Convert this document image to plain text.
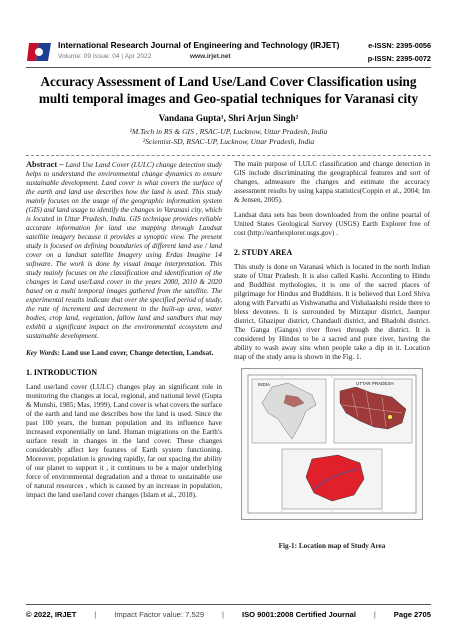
International Research Journal of Engineering and Technology (IRJET)
Volume: 09 Issue: 04 | Apr 2022	www.irjet.net
e-ISSN: 2395-0056
p-ISSN: 2395-0072
Accuracy Assessment of Land Use/Land Cover Classification using multi temporal images and Geo-spatial techniques for Varanasi city
Vandana Gupta¹, Shri Arjun Singh²
¹M.Tech in RS & GIS , RSAC-UP, Lucknow, Uttar Pradesh, India
²Scientist-SD, RSAC-UP, Lucknow, Uttar Pradesh, India

Abstract – Land Use Land Cover (LULC) change detection study helps to understand the environmental change dynamics to ensure sustainable development. Land cover is what covers the surface of the earth and land use describes how the land is used. This study mainly focuses on the usage of the geographic information system (GIS) and land usage to identify the changes in Varanasi city, which is located in Uttar Pradesh, India. GIS technique provides reliable accurate information for land use mapping through Landsat satellite imagery because it provides a synoptic view. The present study is focused on defining boundaries of different land use / land cover on a landsat satellite Imagery using Erdas Imagine 14 software. The work is done by visual image interpretation. This study mainly focuses on the classification and identification of the changes in Land use/Land cover in the years 2000, 2010 & 2020 based on a multi temporal images gathered from the satellite. The experimental results indicate that over the specified period of study, the rate of increment and decrement in the built-up area, water bodies, crop land, vegetation, fallow land and sandbars that may exhibit a significant impact on the environmental ecosystem and sustainable development.

Key Words: Land use Land cover, Change detection, Landsat.

1. INTRODUCTION

Land use/land cover (LULC) changes play an significant role in monitoring the changes at local, regional, and national level (Gupta & Munshi, 1985; Mas, 1999). Land cover is what covers the surface of the earth and land use describes how the land is used. Since the past 100 years, the human population and its influence have increased exponentially on land. Human migrations on the Earth's surface result in changes in the land cover. These changes considerably affect key features of Earth system functioning. Moreover, population is growing rapidly, far out spacing the ability of our planet to support it , it continues to be a major underlying force of environmental degradation and a threat to sustainable use of natural resources , which is caused by an increase in population, impact the land use/land cover changes (Islam et al., 2018).

The main purpose of LULC classification and change detection in GIS include discriminating the geographical features and sort of changes, admeasure the changes and estimate the accuracy assessment results by using kappa statistics(Coppin et al., 2004; Im & Jensen, 2005).

Landsat data sets has been downloaded from the online poartal of United States Geological Survey (USGS) Earth Explorer free of cost (http://earthexplorer.usgs.gov) .

2. STUDY AREA

This study is done on Varanasi which is located in the north Indian state of Uttar Pradesh. It is also called Kashi. According to Hindu and Buddhist mythologies, it is one of the sacred places of pilgrimage for Hindus and Buddhists. It is believed that Lord Shiva along with Parvathi as Vishwanatha and Vishalaakshi reside there to bless devotees. It is surrounded by Mirzapur district, Jaunpur district, Ghazipur district, Chandauli district, and Bhadohi district. The Ganga (Ganges) river flows through the district. It is considered by Hindus to be a sacred and pure river, having the ability to wash away sins when people take a dip in it. Location map of the study area is shown in the Fig. 1.

INDIA	UTTAR PRADESH
Fig-1: Location map of Study Area
© 2022, IRJET | Impact Factor value: 7.529 | ISO 9001:2008 Certified Journal | Page 2705
